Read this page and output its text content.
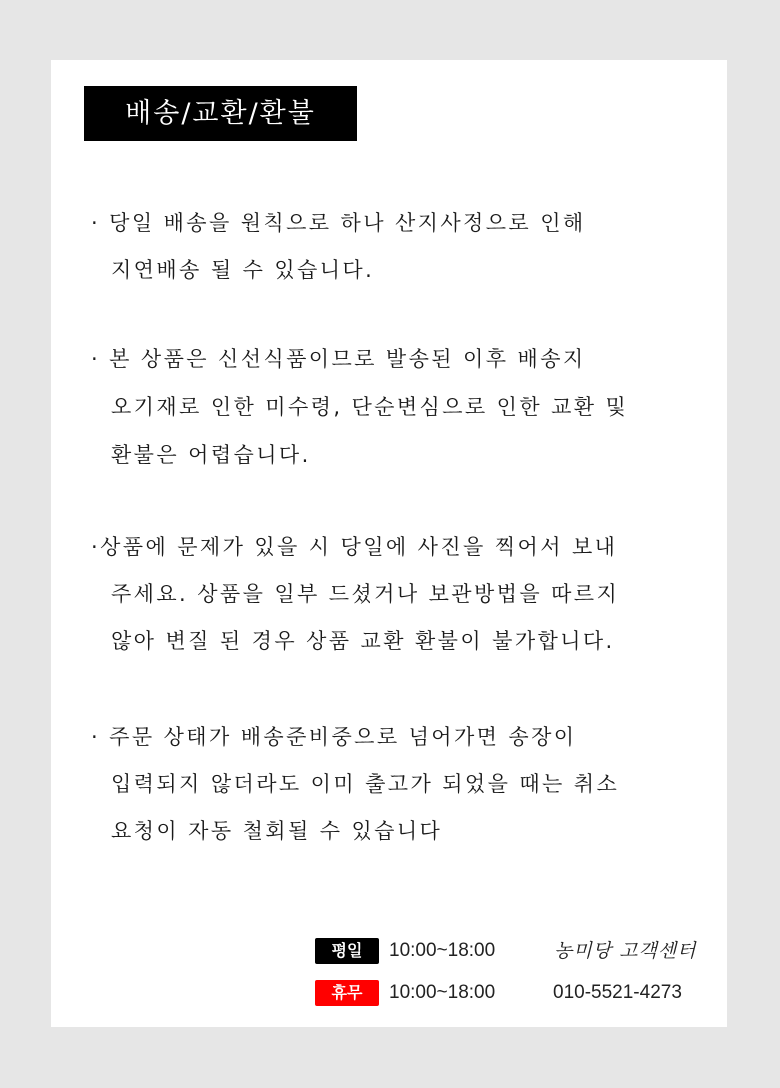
배송/교환/환불
· 당일 배송을 원칙으로 하나 산지사정으로 인해
지연배송 될 수 있습니다.
· 본 상품은 신선식품이므로 발송된 이후 배송지
오기재로 인한 미수령, 단순변심으로 인한 교환 및
환불은 어렵습니다.
·상품에 문제가 있을 시 당일에 사진을 찍어서 보내
주세요. 상품을 일부 드셨거나 보관방법을 따르지
않아 변질 된 경우 상품 교환 환불이 불가합니다.
· 주문 상태가 배송준비중으로 넘어가면 송장이
입력되지 않더라도 이미 출고가 되었을 때는 취소
요청이 자동 철회될 수 있습니다
평일 10:00~18:00
휴무 10:00~18:00
농미당 고객센터
010-5521-4273
